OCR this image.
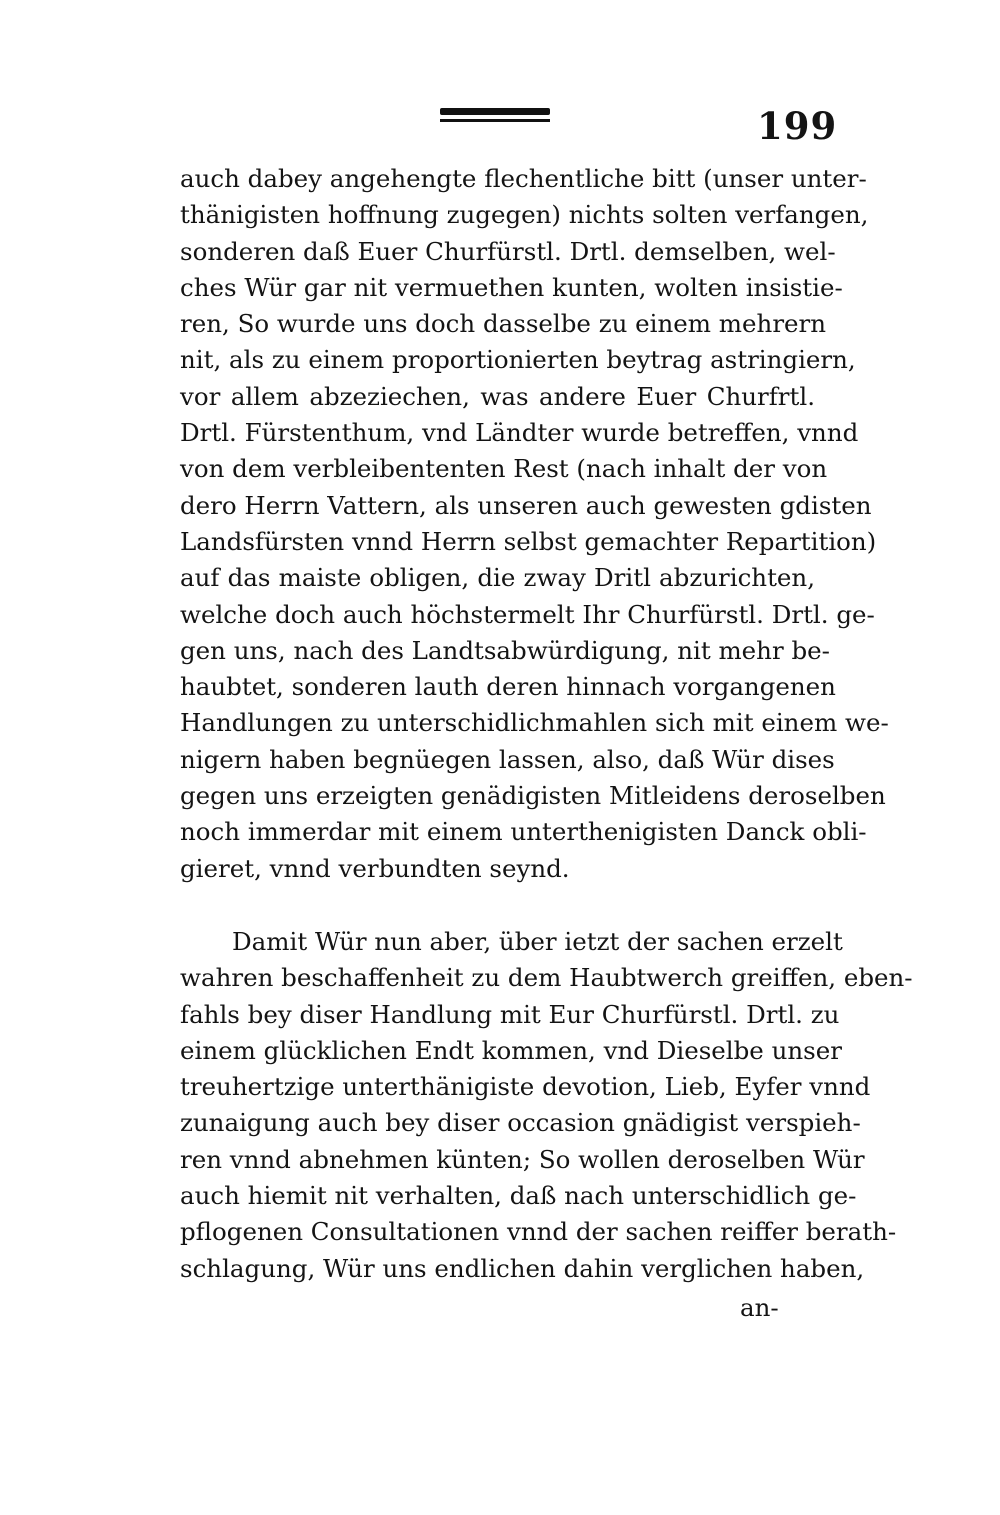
199
auch dabey angehengte flechentliche bitt (unser unter-
thänigisten hoffnung zugegen) nichts solten verfangen,
sonderen daß Euer Churfürstl. Drtl. demselben, wel-
ches Wür gar nit vermuethen kunten, wolten insistie-
ren, So wurde uns doch dasselbe zu einem mehrern
nit, als zu einem proportionierten beytrag astringiern,
vor allem abzeziechen, was andere Euer Churfrtl.
Drtl. Fürstenthum, vnd Ländter wurde betreffen, vnnd
von dem verbleibententen Rest (nach inhalt der von
dero Herrn Vattern, als unseren auch gewesten gdisten
Landsfürsten vnnd Herrn selbst gemachter Repartition)
auf das maiste obligen, die zway Dritl abzurichten,
welche doch auch höchstermelt Ihr Churfürstl. Drtl. ge-
gen uns, nach des Landtsabwürdigung, nit mehr be-
haubtet, sonderen lauth deren hinnach vorgangenen
Handlungen zu unterschidlichmahlen sich mit einem we-
nigern haben begnüegen lassen, also, daß Wür dises
gegen uns erzeigten genädigisten Mitleidens deroselben
noch immerdar mit einem unterthenigisten Danck obli-
gieret, vnnd verbundten seynd.
Damit Wür nun aber, über ietzt der sachen erzelt
wahren beschaffenheit zu dem Haubtwerch greiffen, eben-
fahls bey diser Handlung mit Eur Churfürstl. Drtl. zu
einem glücklichen Endt kommen, vnd Dieselbe unser
treuhertzige unterthänigiste devotion, Lieb, Eyfer vnnd
zunaigung auch bey diser occasion gnädigist verspieh-
ren vnnd abnehmen künten; So wollen deroselben Wür
auch hiemit nit verhalten, daß nach unterschidlich ge-
pflogenen Consultationen vnnd der sachen reiffer berath-
schlagung, Wür uns endlichen dahin verglichen haben,
an-
